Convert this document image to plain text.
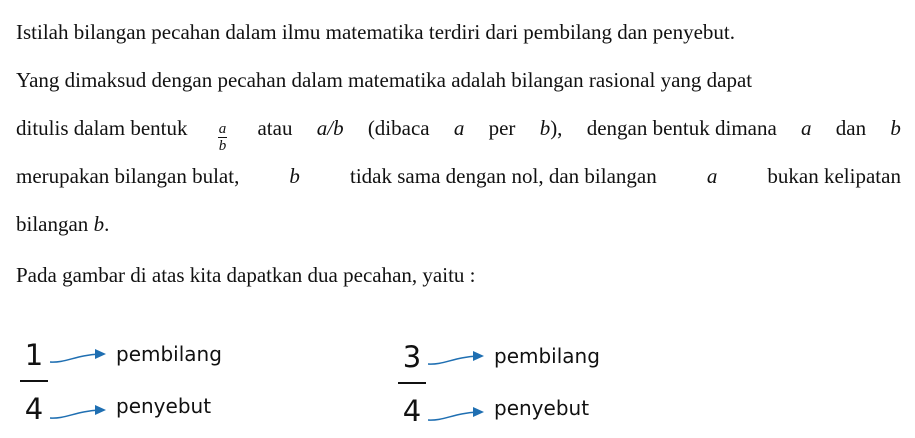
Istilah bilangan pecahan dalam ilmu matematika terdiri dari pembilang dan penyebut.
Yang dimaksud dengan pecahan dalam matematika adalah bilangan rasional yang dapat
ditulis dalam bentuk $\frac{a}{b}$ atau a/b (dibaca a per b), dengan bentuk dimana a dan b
merupakan bilangan bulat, b tidak sama dengan nol, dan bilangan a bukan kelipatan
bilangan b.
Pada gambar di atas kita dapatkan dua pecahan, yaitu :
1
4
pembilang
penyebut
3
4
pembilang
penyebut
